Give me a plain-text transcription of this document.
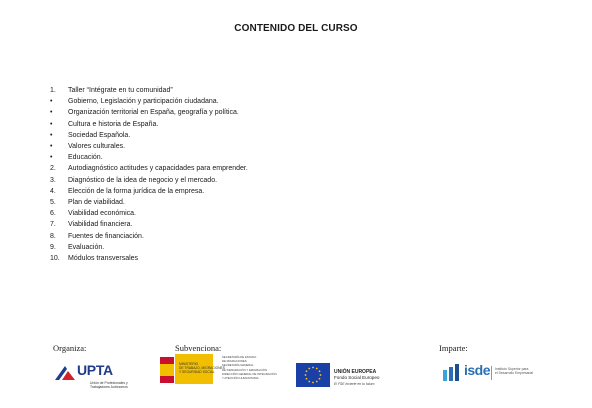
CONTENIDO DEL CURSO
1.	Taller “Intégrate en tu comunidad”
•	Gobierno, Legislación y participación ciudadana.
•	Organización territorial en España, geografía y política.
•	Cultura e historia de España.
•	Sociedad Española.
•	Valores culturales.
•	Educación.
2.	Autodiagnóstico actitudes y capacidades para emprender.
3.	Diagnóstico de la idea de negocio y el mercado.
4.	Elección de la forma jurídica de la empresa.
5.	Plan de viabilidad.
6.	Viabilidad económica.
7.	Viabilidad financiera.
8.	Fuentes de financiación.
9.	Evaluación.
10.	Módulos transversales
Organiza:	Subvenciona:	Imparte:
UPTA
Unión de Profesionales y
Trabajadores Autónomos
MINISTERIO
DE TRABAJO, MIGRACIONES
Y SEGURIDAD SOCIAL
SECRETARÍA DE ESTADO
DE MIGRACIONES
SECRETARÍA GENERAL
DE INMIGRACIÓN Y EMIGRACIÓN
DIRECCIÓN GENERAL DE INTEGRACIÓN
Y ATENCIÓN HUMANITARIA
UNIÓN EUROPEA
Fondo Social Europeo
El FSE invierte en tu futuro
isde Instituto Superior para
el Desarrollo Empresarial
